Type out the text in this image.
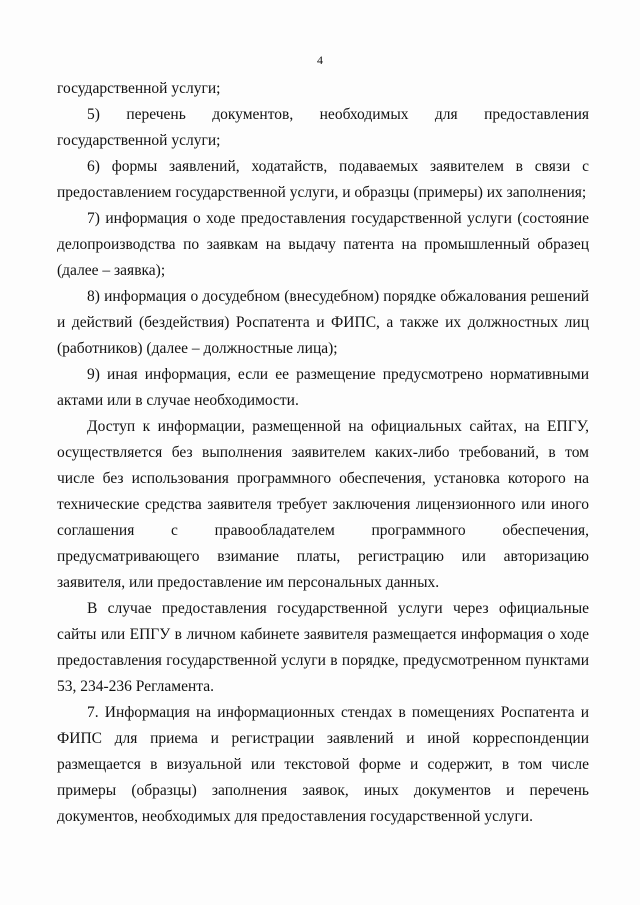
4

государственной услуги;

5) перечень документов, необходимых для предоставления государственной услуги;

6) формы заявлений, ходатайств, подаваемых заявителем в связи с предоставлением государственной услуги, и образцы (примеры) их заполнения;

7) информация о ходе предоставления государственной услуги (состояние делопроизводства по заявкам на выдачу патента на промышленный образец (далее – заявка);

8) информация о досудебном (внесудебном) порядке обжалования решений и действий (бездействия) Роспатента и ФИПС, а также их должностных лиц (работников) (далее – должностные лица);

9) иная информация, если ее размещение предусмотрено нормативными актами или в случае необходимости.

Доступ к информации, размещенной на официальных сайтах, на ЕПГУ, осуществляется без выполнения заявителем каких-либо требований, в том числе без использования программного обеспечения, установка которого на технические средства заявителя требует заключения лицензионного или иного соглашения с правообладателем программного обеспечения, предусматривающего взимание платы, регистрацию или авторизацию заявителя, или предоставление им персональных данных.

В случае предоставления государственной услуги через официальные сайты или ЕПГУ в личном кабинете заявителя размещается информация о ходе предоставления государственной услуги в порядке, предусмотренном пунктами 53, 234-236 Регламента.

7. Информация на информационных стендах в помещениях Роспатента и ФИПС для приема и регистрации заявлений и иной корреспонденции размещается в визуальной или текстовой форме и содержит, в том числе примеры (образцы) заполнения заявок, иных документов и перечень документов, необходимых для предоставления государственной услуги.
